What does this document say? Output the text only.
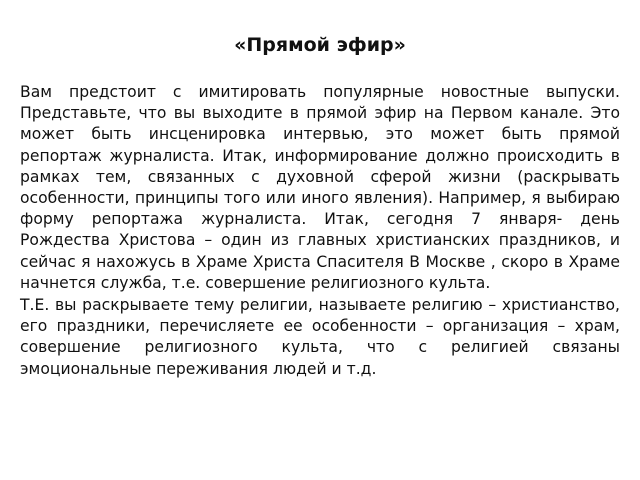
«Прямой эфир»

Вам предстоит с имитировать популярные новостные выпуски. Представьте, что вы выходите в прямой эфир на Первом канале. Это может быть инсценировка интервью, это может быть прямой репортаж журналиста. Итак, информирование должно происходить в рамках тем, связанных с духовной сферой жизни (раскрывать особенности, принципы того или иного явления). Например, я выбираю форму репортажа журналиста. Итак, сегодня 7 января- день Рождества Христова – один из главных христианских праздников, и сейчас я нахожусь в Храме Христа Спасителя В Москве , скоро в Храме начнется служба, т.е. совершение религиозного культа.

Т.Е. вы раскрываете тему религии, называете религию – христианство, его праздники, перечисляете ее особенности – организация – храм, совершение религиозного культа, что с религией связаны эмоциональные переживания людей и т.д.
